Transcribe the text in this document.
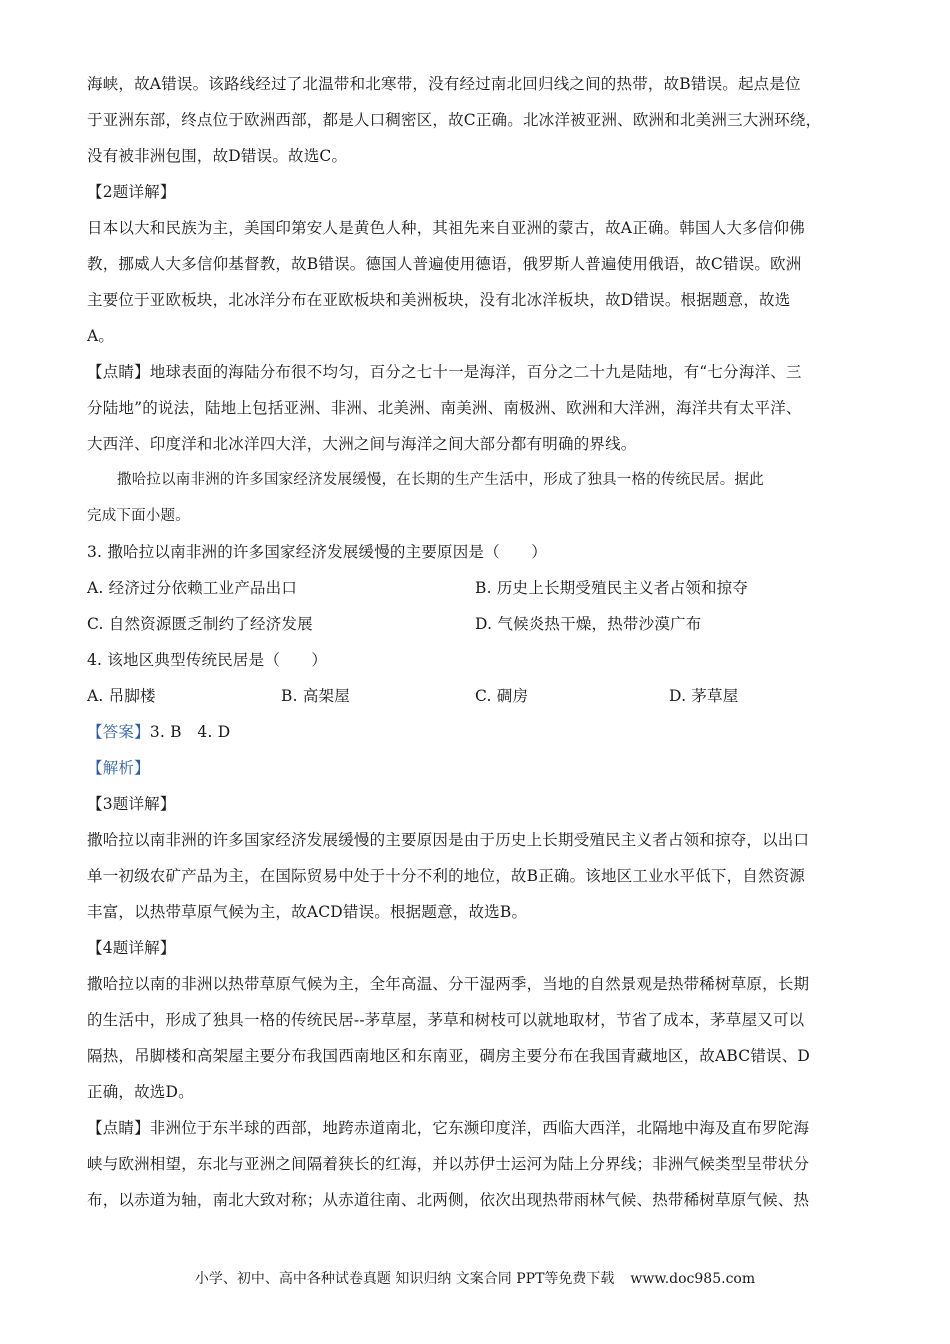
海峡，故A错误。该路线经过了北温带和北寒带，没有经过南北回归线之间的热带，故B错误。起点是位
于亚洲东部，终点位于欧洲西部，都是人口稠密区，故C正确。北冰洋被亚洲、欧洲和北美洲三大洲环绕，
没有被非洲包围，故D错误。故选C。
【2题详解】
日本以大和民族为主，美国印第安人是黄色人种，其祖先来自亚洲的蒙古，故A正确。韩国人大多信仰佛
教，挪威人大多信仰基督教，故B错误。德国人普遍使用德语，俄罗斯人普遍使用俄语，故C错误。欧洲
主要位于亚欧板块，北冰洋分布在亚欧板块和美洲板块，没有北冰洋板块，故D错误。根据题意，故选
A。
【点睛】地球表面的海陆分布很不均匀，百分之七十一是海洋，百分之二十九是陆地，有“七分海洋、三
分陆地”的说法，陆地上包括亚洲、非洲、北美洲、南美洲、南极洲、欧洲和大洋洲，海洋共有太平洋、
大西洋、印度洋和北冰洋四大洋，大洲之间与海洋之间大部分都有明确的界线。
撒哈拉以南非洲的许多国家经济发展缓慢，在长期的生产生活中，形成了独具一格的传统民居。据此
完成下面小题。
3. 撒哈拉以南非洲的许多国家经济发展缓慢的主要原因是（　　）
A. 经济过分依赖工业产品出口	B. 历史上长期受殖民主义者占领和掠夺
C. 自然资源匮乏制约了经济发展	D. 气候炎热干燥，热带沙漠广布
4. 该地区典型传统民居是（　　）
A. 吊脚楼	B. 高架屋	C. 碉房	D. 茅草屋
【答案】3. B　4. D
【解析】
【3题详解】
撒哈拉以南非洲的许多国家经济发展缓慢的主要原因是由于历史上长期受殖民主义者占领和掠夺，以出口
单一初级农矿产品为主，在国际贸易中处于十分不利的地位，故B正确。该地区工业水平低下，自然资源
丰富，以热带草原气候为主，故ACD错误。根据题意，故选B。
【4题详解】
撒哈拉以南的非洲以热带草原气候为主，全年高温、分干湿两季，当地的自然景观是热带稀树草原，长期
的生活中，形成了独具一格的传统民居--茅草屋，茅草和树枝可以就地取材，节省了成本，茅草屋又可以
隔热，吊脚楼和高架屋主要分布我国西南地区和东南亚，碉房主要分布在我国青藏地区，故ABC错误、D
正确，故选D。
【点睛】非洲位于东半球的西部，地跨赤道南北，它东濒印度洋，西临大西洋，北隔地中海及直布罗陀海
峡与欧洲相望，东北与亚洲之间隔着狭长的红海，并以苏伊士运河为陆上分界线；非洲气候类型呈带状分
布，以赤道为轴，南北大致对称；从赤道往南、北两侧，依次出现热带雨林气候、热带稀树草原气候、热
小学、初中、高中各种试卷真题 知识归纳 文案合同 PPT等免费下载 www.doc985.com
